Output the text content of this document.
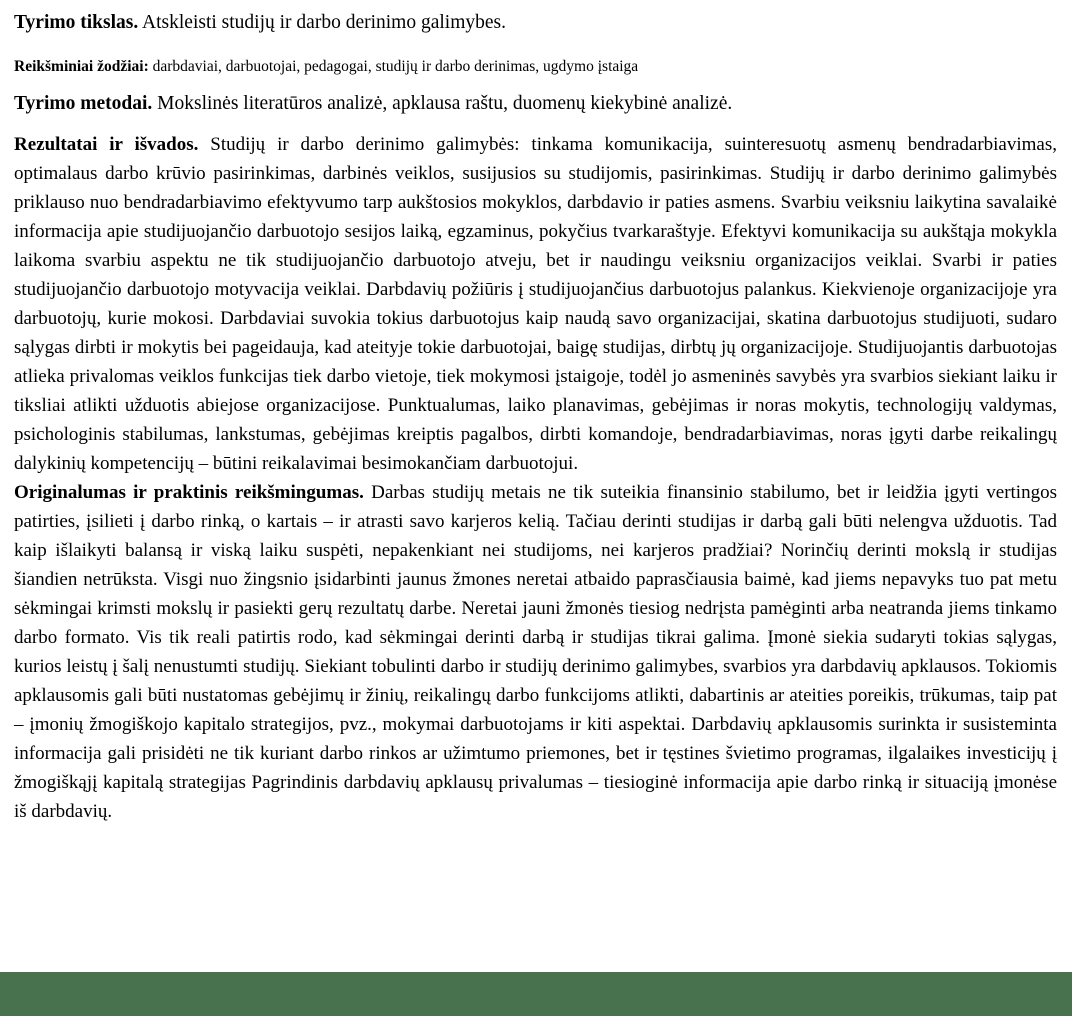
Tyrimo tikslas. Atskleisti studijų ir darbo derinimo galimybes.

Reikšminiai žodžiai: darbdaviai, darbuotojai, pedagogai, studijų ir darbo derinimas, ugdymo įstaiga

Tyrimo metodai. Mokslinės literatūros analizė, apklausa raštu, duomenų kiekybinė analizė.

Rezultatai ir išvados. Studijų ir darbo derinimo galimybės: tinkama komunikacija, suinteresuotų asmenų bendradarbiavimas, optimalaus darbo krūvio pasirinkimas, darbinės veiklos, susijusios su studijomis, pasirinkimas. Studijų ir darbo derinimo galimybės priklauso nuo bendradarbiavimo efektyvumo tarp aukštosios mokyklos, darbdavio ir paties asmens. Svarbiu veiksniu laikytina savalaikė informacija apie studijuojančio darbuotojo sesijos laiką, egzaminus, pokyčius tvarkaraštyje. Efektyvi komunikacija su aukštąja mokykla laikoma svarbiu aspektu ne tik studijuojančio darbuotojo atveju, bet ir naudingu veiksniu organizacijos veiklai. Svarbi ir paties studijuojančio darbuotojo motyvacija veiklai. Darbdavių požiūris į studijuojančius darbuotojus palankus. Kiekvienoje organizacijoje yra darbuotojų, kurie mokosi. Darbdaviai suvokia tokius darbuotojus kaip naudą savo organizacijai, skatina darbuotojus studijuoti, sudaro sąlygas dirbti ir mokytis bei pageidauja, kad ateityje tokie darbuotojai, baigę studijas, dirbtų jų organizacijoje. Studijuojantis darbuotojas atlieka privalomas veiklos funkcijas tiek darbo vietoje, tiek mokymosi įstaigoje, todėl jo asmeninės savybės yra svarbios siekiant laiku ir tiksliai atlikti užduotis abiejose organizacijose. Punktualumas, laiko planavimas, gebėjimas ir noras mokytis, technologijų valdymas, psichologinis stabilumas, lankstumas, gebėjimas kreiptis pagalbos, dirbti komandoje, bendradarbiavimas, noras įgyti darbe reikalingų dalykinių kompetencijų – būtini reikalavimai besimokančiam darbuotojui.

Originalumas ir praktinis reikšmingumas. Darbas studijų metais ne tik suteikia finansinio stabilumo, bet ir leidžia įgyti vertingos patirties, įsilieti į darbo rinką, o kartais – ir atrasti savo karjeros kelią. Tačiau derinti studijas ir darbą gali būti nelengva užduotis. Tad kaip išlaikyti balansą ir viską laiku suspėti, nepakenkiant nei studijoms, nei karjeros pradžiai? Norinčių derinti mokslą ir studijas šiandien netrūksta. Visgi nuo žingsnio įsidarbinti jaunus žmones neretai atbaido paprasčiausia baimė, kad jiems nepavyks tuo pat metu sėkmingai krimsti mokslų ir pasiekti gerų rezultatų darbe. Neretai jauni žmonės tiesiog nedrįsta pamėginti arba neatranda jiems tinkamo darbo formato. Vis tik reali patirtis rodo, kad sėkmingai derinti darbą ir studijas tikrai galima. Įmonė siekia sudaryti tokias sąlygas, kurios leistų į šalį nenustumti studijų. Siekiant tobulinti darbo ir studijų derinimo galimybes, svarbios yra darbdavių apklausos. Tokiomis apklausomis gali būti nustatomas gebėjimų ir žinių, reikalingų darbo funkcijoms atlikti, dabartinis ar ateities poreikis, trūkumas, taip pat – įmonių žmogiškojo kapitalo strategijos, pvz., mokymai darbuotojams ir kiti aspektai. Darbdavių apklausomis surinkta ir susisteminta informacija gali prisidėti ne tik kuriant darbo rinkos ar užimtumo priemones, bet ir tęstines švietimo programas, ilgalaikes investicijų į žmogiškąjį kapitalą strategijas Pagrindinis darbdavių apklausų privalumas – tiesioginė informacija apie darbo rinką ir situaciją įmonėse iš darbdavių.
